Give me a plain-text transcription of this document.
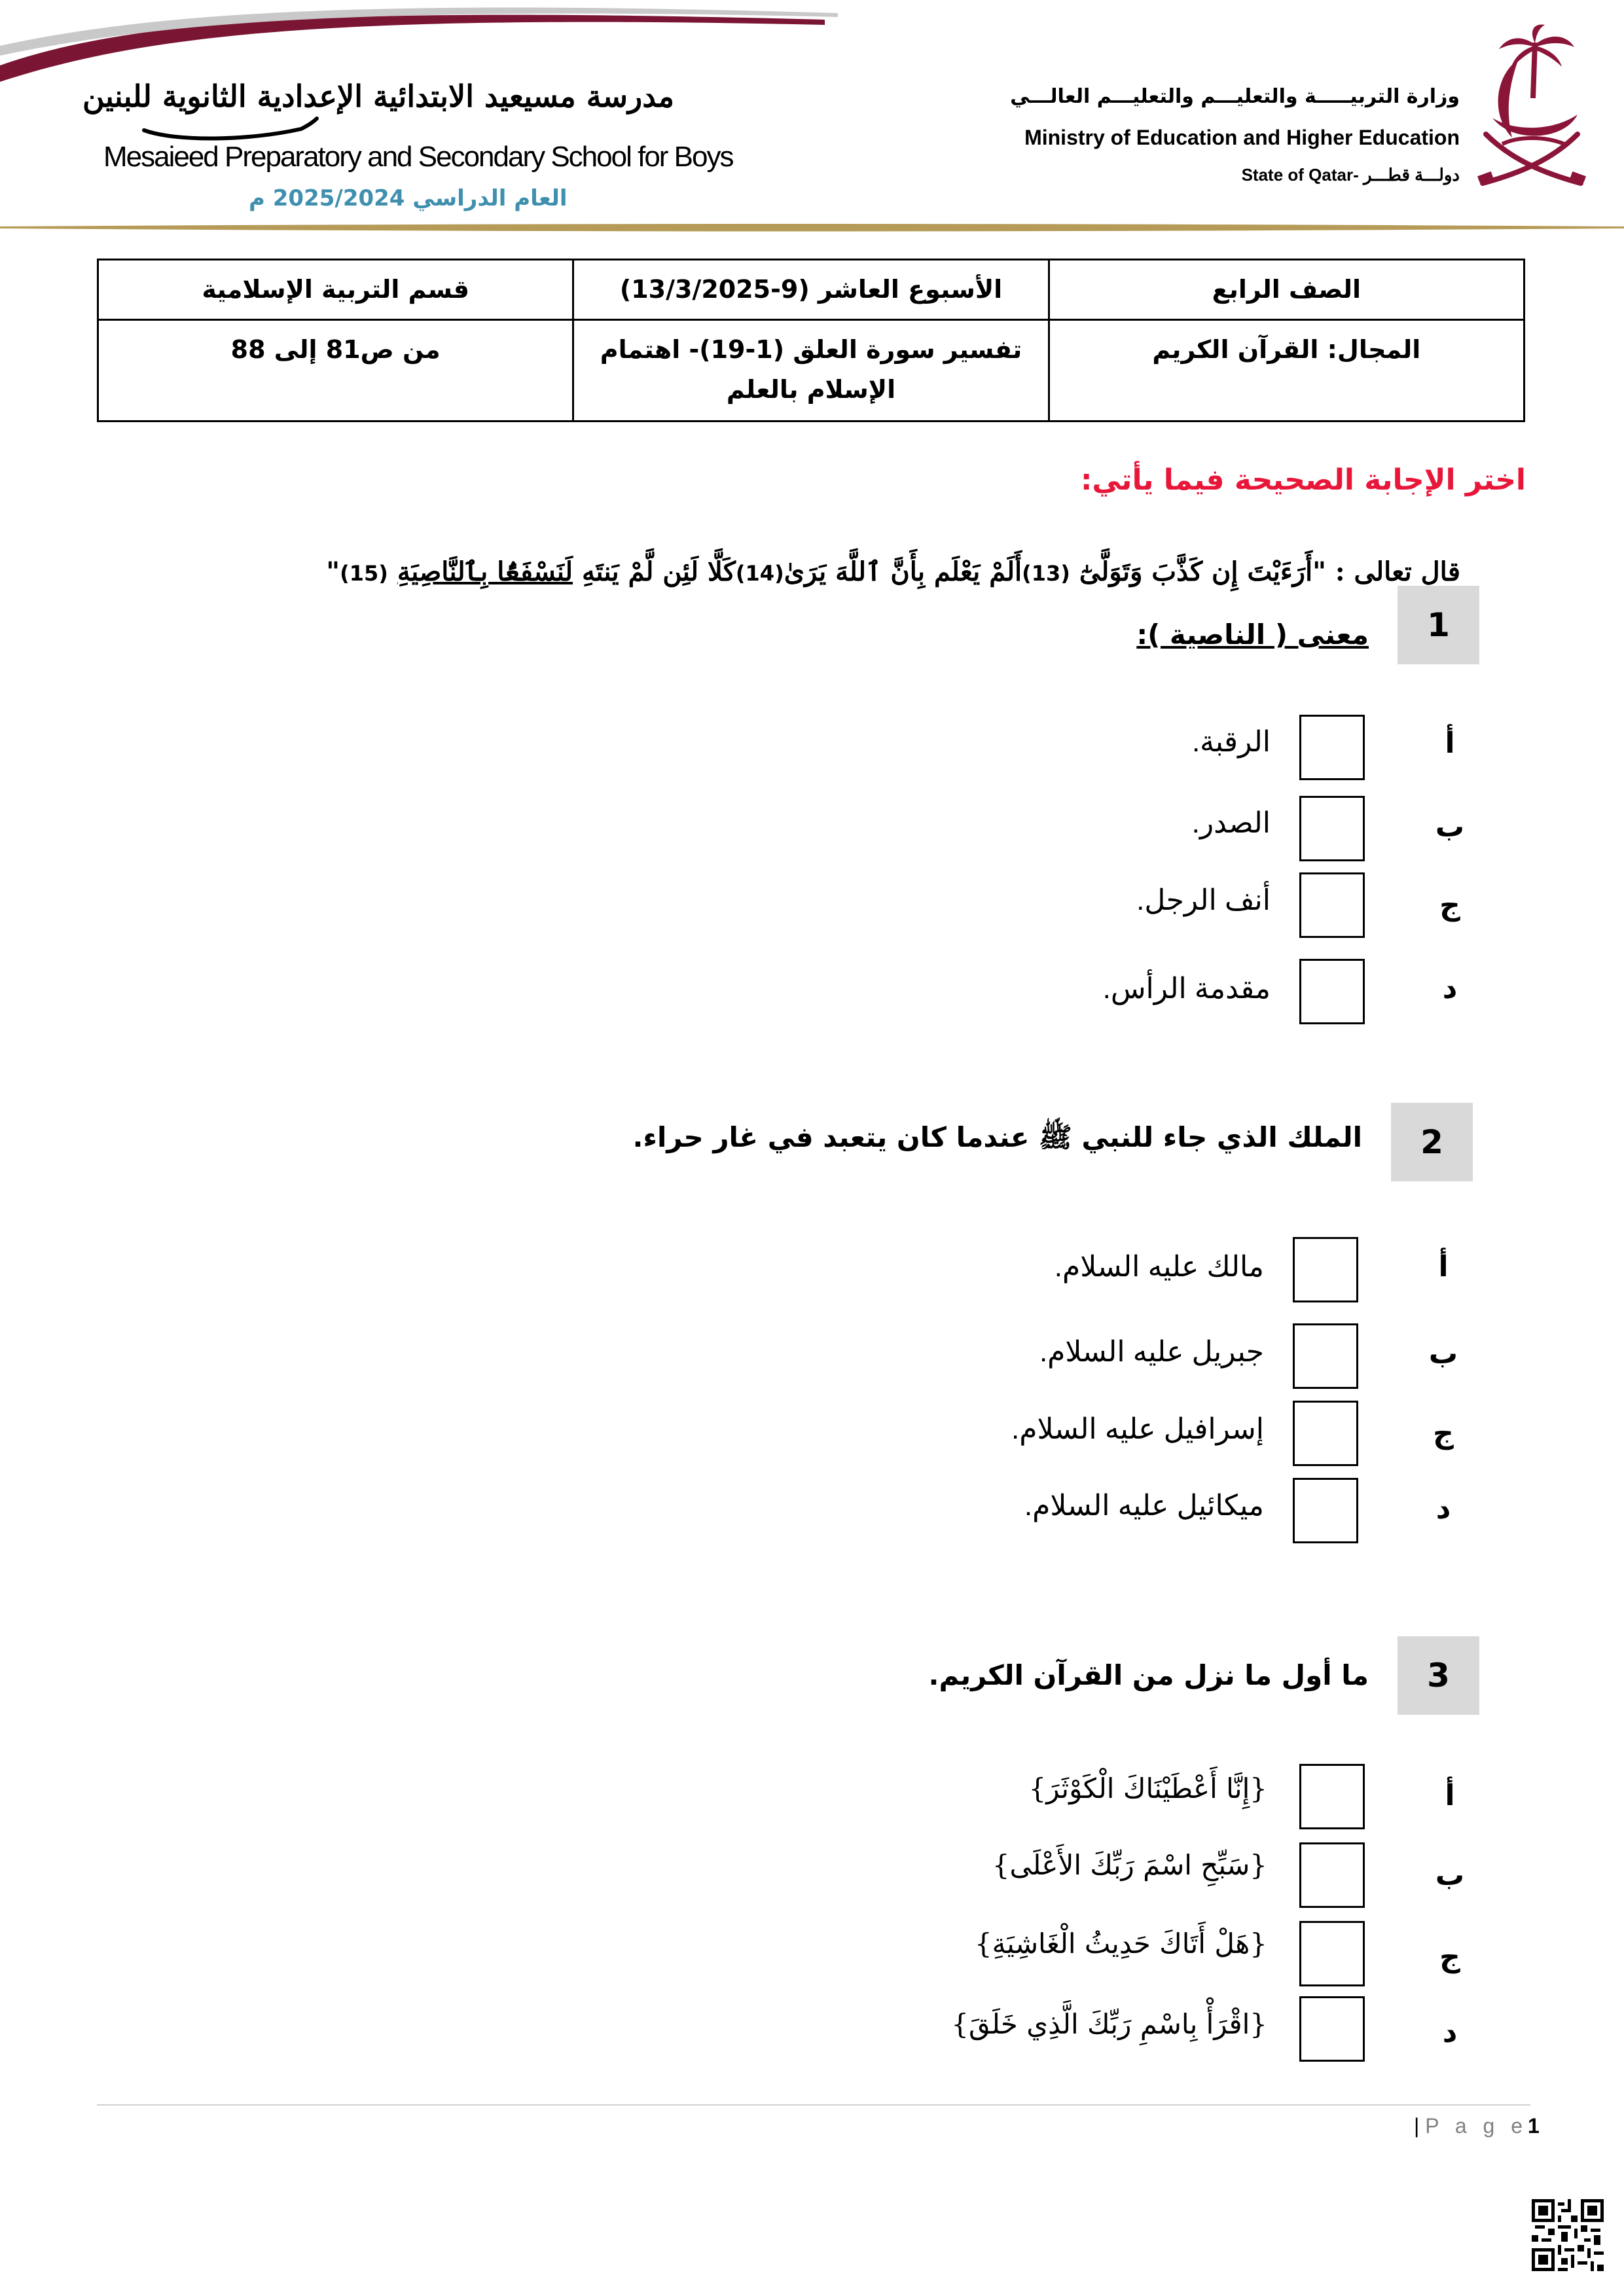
مدرسة مسيعيد الابتدائية الإعدادية الثانوية للبنين
Mesaieed Preparatory and Secondary School for Boys
العام الدراسي 2025/2024 م
وزارة التربيـــــة والتعليـــم والتعليـــم العالـــي
Ministry of Education and Higher Education
State of Qatar- دولـــة قطـــر
الصف الرابع	الأسبوع العاشر (9-13/3/2025)	قسم التربية الإسلامية
المجال: القرآن الكريم	تفسير سورة العلق (1-19)- اهتمام الإسلام بالعلم	من ص81 إلى 88
اختر الإجابة الصحيحة فيما يأتي:
1
قال تعالى : "أَرَءَيْتَ إِن كَذَّبَ وَتَوَلَّىٰٓ (13)أَلَمْ يَعْلَم بِأَنَّ ٱللَّهَ يَرَىٰ(14)كَلَّا لَئِن لَّمْ يَنتَهِ لَنَسْفَعًۢا بِٱلنَّاصِيَةِ (15)"
معنى ( الناصية ):
أ
الرقبة.
ب
الصدر.
ج
أنف الرجل.
د
مقدمة الرأس.
2
الملك الذي جاء للنبي ﷺ عندما كان يتعبد في غار حراء.
أ
مالك عليه السلام.
ب
جبريل عليه السلام.
ج
إسرافيل عليه السلام.
د
ميكائيل عليه السلام.
3
ما أول ما نزل من القرآن الكريم.
أ
{إِنَّا أَعْطَيْنَاكَ الْكَوْثَرَ}
ب
{سَبِّحِ اسْمَ رَبِّكَ الأَعْلَى}
ج
{هَلْ أَتَاكَ حَدِيثُ الْغَاشِيَةِ}
د
{اقْرَأْ بِاسْمِ رَبِّكَ الَّذِي خَلَقَ}
| P a g e1
